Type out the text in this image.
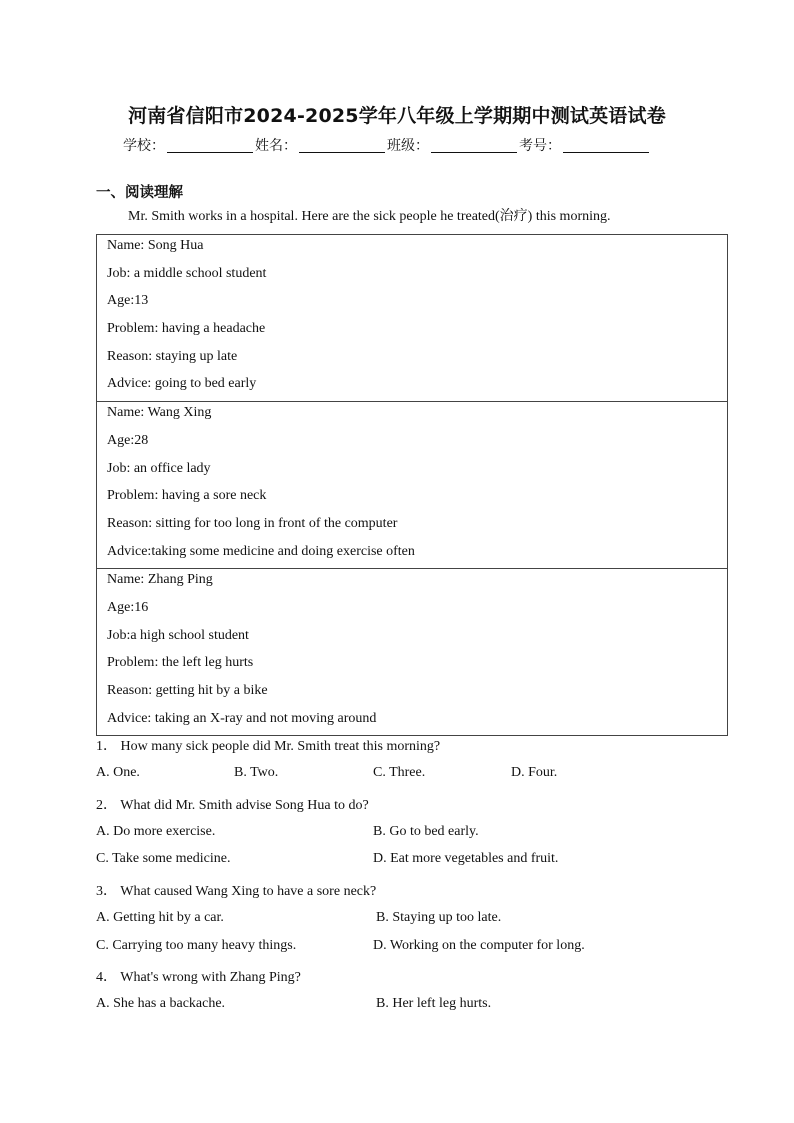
河南省信阳市2024-2025学年八年级上学期期中测试英语试卷
学校：	姓名：	班级：	考号：
一、阅读理解
Mr. Smith works in a hospital. Here are the sick people he treated(治疗) this morning.
Name: Song Hua
Job: a middle school student
Age:13
Problem: having a headache
Reason: staying up late
Advice: going to bed early
Name: Wang Xing
Age:28
Job: an office lady
Problem: having a sore neck
Reason: sitting for too long in front of the computer
Advice:taking some medicine and doing exercise often
Name: Zhang Ping
Age:16
Job:a high school student
Problem: the left leg hurts
Reason: getting hit by a bike
Advice: taking an X-ray and not moving around
1． How many sick people did Mr. Smith treat this morning?
A. One.	B. Two.	C. Three.	D. Four.
2． What did Mr. Smith advise Song Hua to do?
A. Do more exercise.	B. Go to bed early.
C. Take some medicine.	D. Eat more vegetables and fruit.
3． What caused Wang Xing to have a sore neck?
A. Getting hit by a car.	B. Staying up too late.
C. Carrying too many heavy things.	D. Working on the computer for long.
4． What's wrong with Zhang Ping?
A. She has a backache.	B. Her left leg hurts.
